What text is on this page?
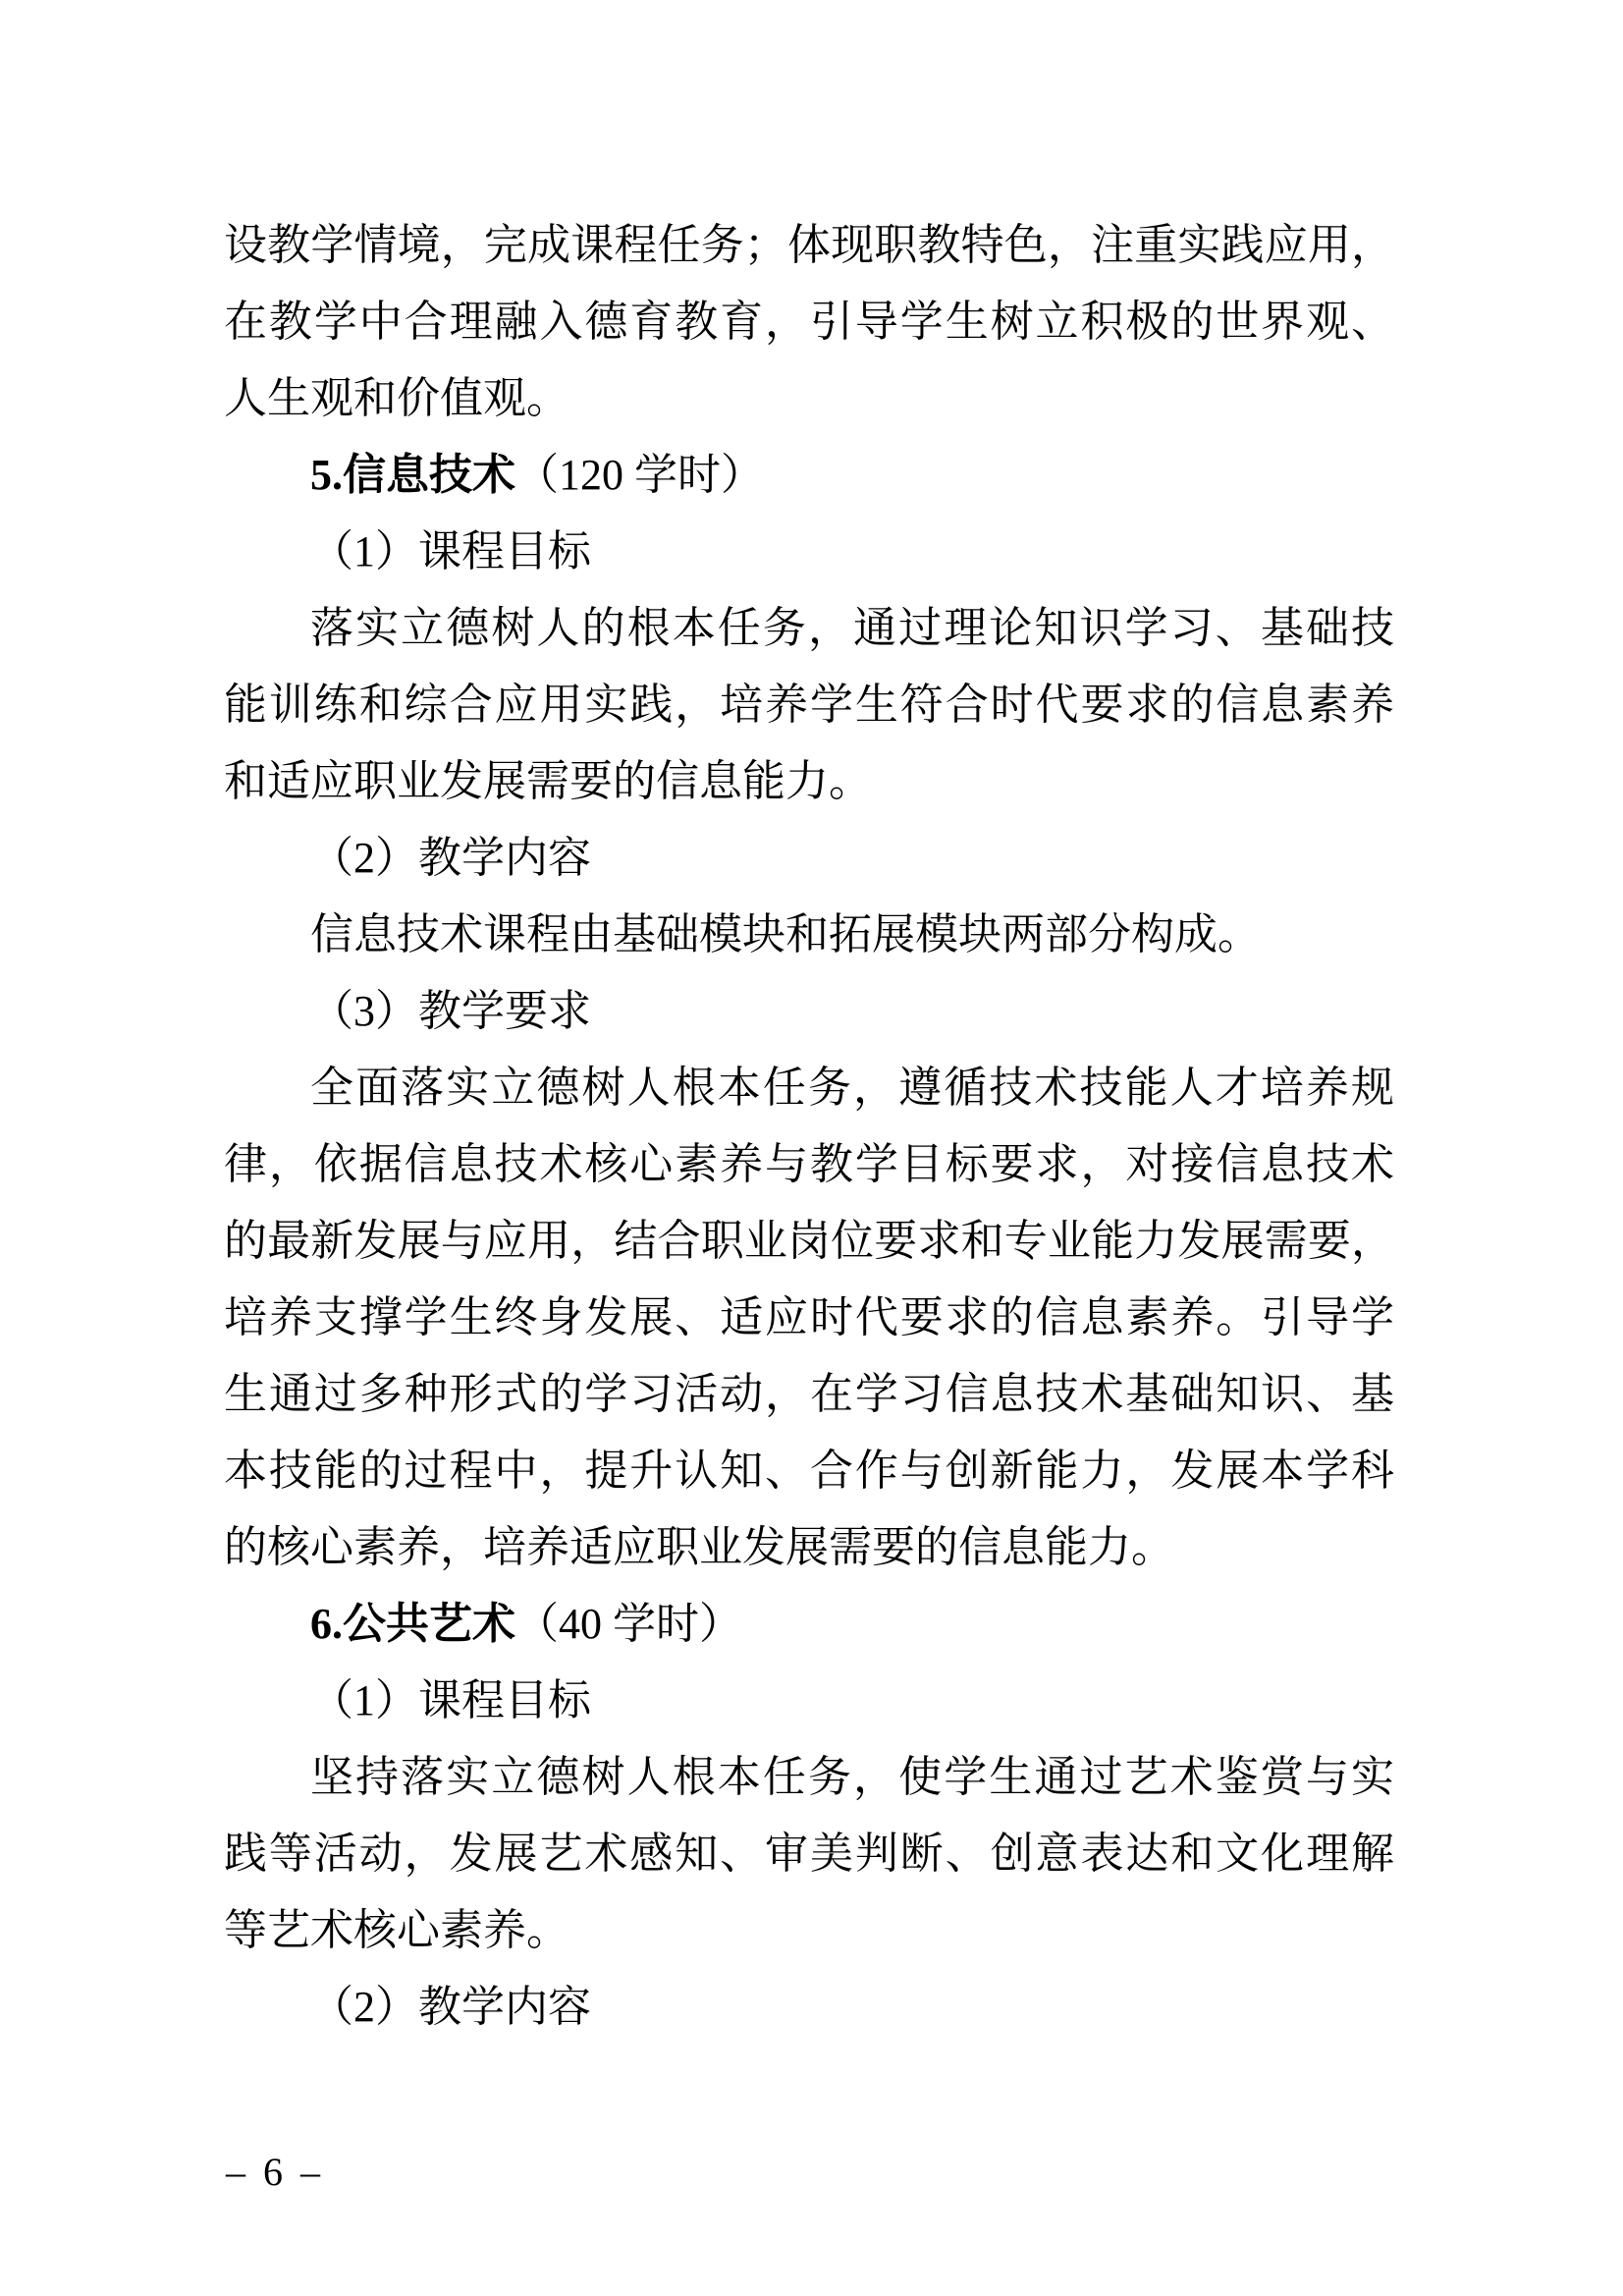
设教学情境，完成课程任务；体现职教特色，注重实践应用，
在教学中合理融入德育教育，引导学生树立积极的世界观、
人生观和价值观。
5.信息技术（120 学时）
（1）课程目标
落实立德树人的根本任务，通过理论知识学习、基础技
能训练和综合应用实践，培养学生符合时代要求的信息素养
和适应职业发展需要的信息能力。
（2）教学内容
信息技术课程由基础模块和拓展模块两部分构成。
（3）教学要求
全面落实立德树人根本任务，遵循技术技能人才培养规
律，依据信息技术核心素养与教学目标要求，对接信息技术
的最新发展与应用，结合职业岗位要求和专业能力发展需要，
培养支撑学生终身发展、适应时代要求的信息素养。引导学
生通过多种形式的学习活动，在学习信息技术基础知识、基
本技能的过程中，提升认知、合作与创新能力，发展本学科
的核心素养，培养适应职业发展需要的信息能力。
6.公共艺术（40 学时）
（1）课程目标
坚持落实立德树人根本任务，使学生通过艺术鉴赏与实
践等活动，发展艺术感知、审美判断、创意表达和文化理解
等艺术核心素养。
（2）教学内容
– 6 –
